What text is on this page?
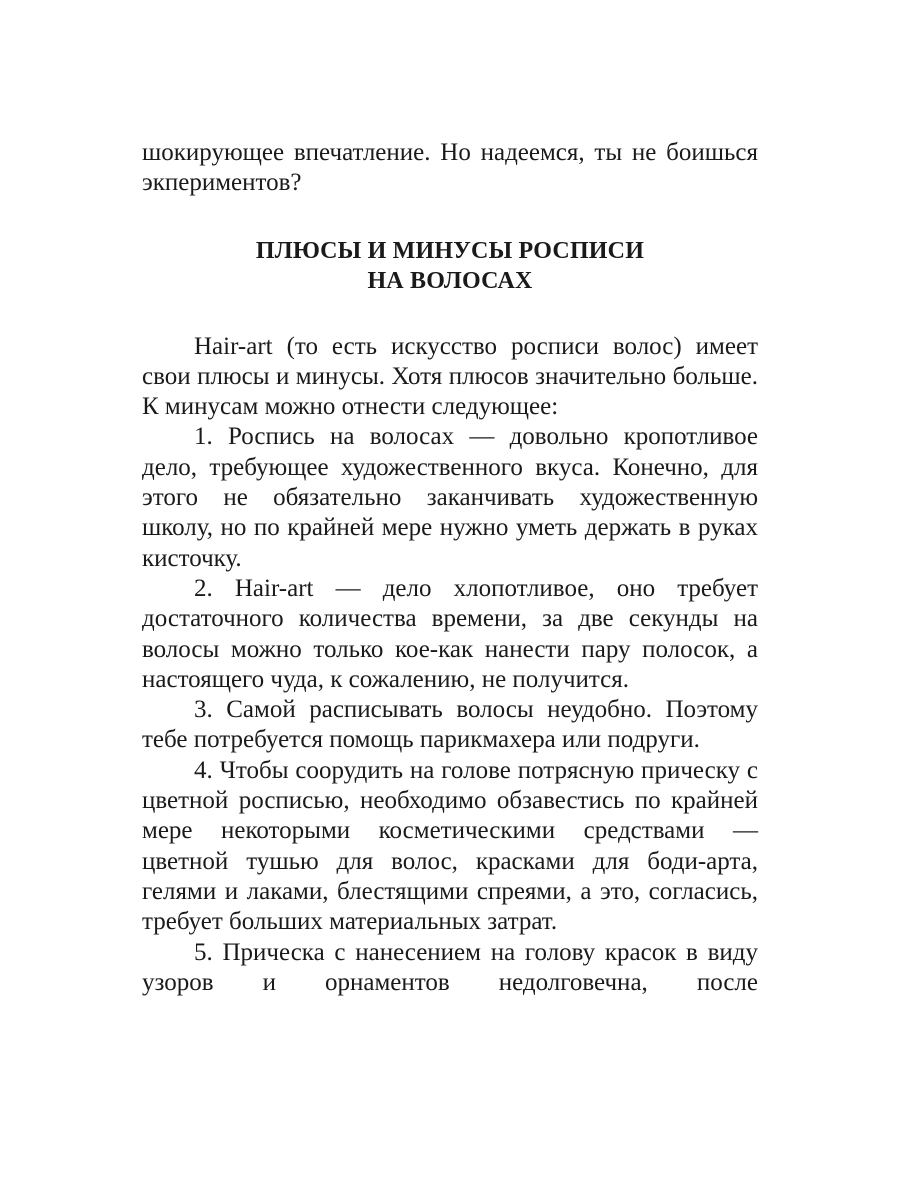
шокирующее впечатление. Но надеемся, ты не боишься экпериментов?

ПЛЮСЫ И МИНУСЫ РОСПИСИ
НА ВОЛОСАХ

Hair-art (то есть искусство росписи волос) имеет свои плюсы и минусы. Хотя плюсов значительно больше. К минусам можно отнести следующее:

1. Роспись на волосах — довольно кропотливое дело, требующее художественного вкуса. Конечно, для этого не обязательно заканчивать художественную школу, но по крайней мере нужно уметь держать в руках кисточку.

2. Hair-art — дело хлопотливое, оно требует достаточного количества времени, за две секунды на волосы можно только кое-как нанести пару полосок, а настоящего чуда, к сожалению, не получится.

3. Самой расписывать волосы неудобно. Поэтому тебе потребуется помощь парикмахера или подруги.

4. Чтобы соорудить на голове потрясную прическу с цветной росписью, необходимо обзавестись по крайней мере некоторыми косметическими средствами — цветной тушью для волос, красками для боди-арта, гелями и лаками, блестящими спреями, а это, согласись, требует больших материальных затрат.

5. Прическа с нанесением на голову красок в виду узоров и орнаментов недолговечна, после
